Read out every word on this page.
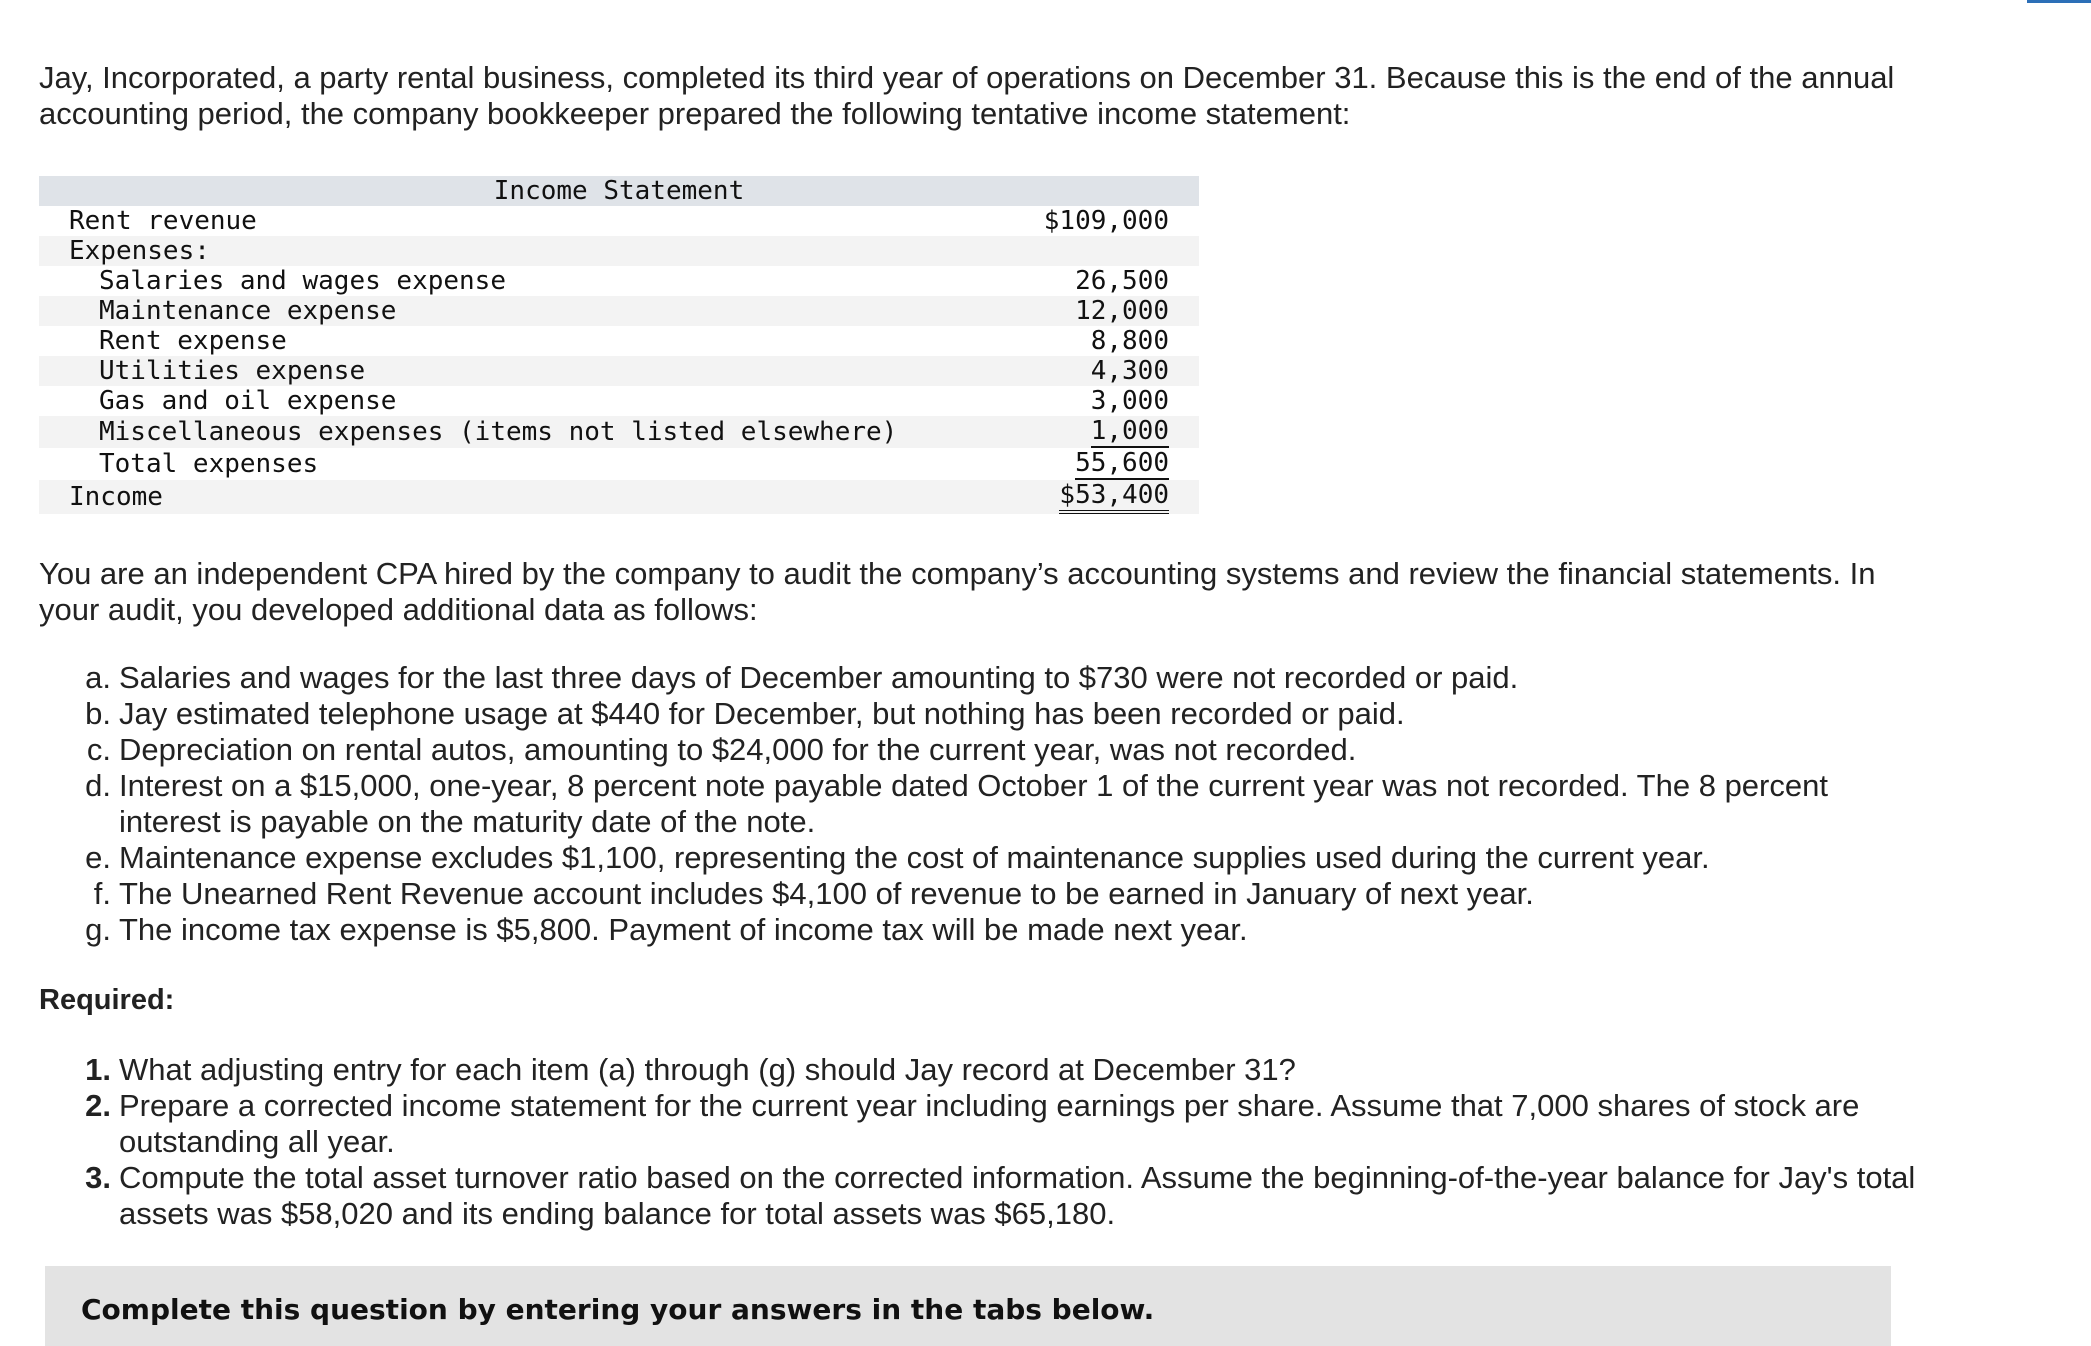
Jay, Incorporated, a party rental business, completed its third year of operations on December 31. Because this is the end of the annual accounting period, the company bookkeeper prepared the following tentative income statement:

Income Statement	
Rent revenue	$109,000
Expenses:	
Salaries and wages expense	26,500
Maintenance expense	12,000
Rent expense	8,800
Utilities expense	4,300
Gas and oil expense	3,000
Miscellaneous expenses (items not listed elsewhere)	1,000
Total expenses	55,600
Income	$53,400

You are an independent CPA hired by the company to audit the company’s accounting systems and review the financial statements. In your audit, you developed additional data as follows:

a. Salaries and wages for the last three days of December amounting to $730 were not recorded or paid.
b. Jay estimated telephone usage at $440 for December, but nothing has been recorded or paid.
c. Depreciation on rental autos, amounting to $24,000 for the current year, was not recorded.
d. Interest on a $15,000, one-year, 8 percent note payable dated October 1 of the current year was not recorded. The 8 percent interest is payable on the maturity date of the note.
e. Maintenance expense excludes $1,100, representing the cost of maintenance supplies used during the current year.
f. The Unearned Rent Revenue account includes $4,100 of revenue to be earned in January of next year.
g. The income tax expense is $5,800. Payment of income tax will be made next year.
Required:
1. What adjusting entry for each item (a) through (g) should Jay record at December 31?
2. Prepare a corrected income statement for the current year including earnings per share. Assume that 7,000 shares of stock are outstanding all year.
3. Compute the total asset turnover ratio based on the corrected information. Assume the beginning-of-the-year balance for Jay's total assets was $58,020 and its ending balance for total assets was $65,180.
Complete this question by entering your answers in the tabs below.
